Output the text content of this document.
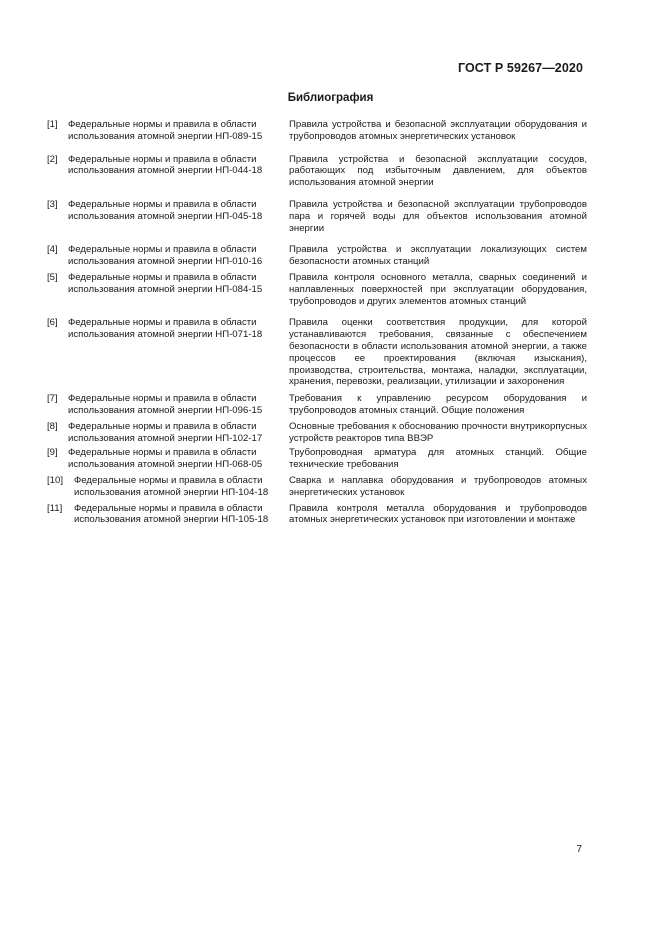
ГОСТ Р 59267—2020
Библиография
[1]	Федеральные нормы и правила в области
использования атомной энергии НП-089-15
Правила устройства и безопасной эксплуатации оборудования и трубопроводов атомных энергетических установок
[2]	Федеральные нормы и правила в области
использования атомной энергии НП-044-18
Правила устройства и безопасной эксплуатации сосудов, работающих под избыточным давлением, для объектов использования атомной энергии
[3]	Федеральные нормы и правила в области
использования атомной энергии НП-045-18
Правила устройства и безопасной эксплуатации трубопроводов пара и горячей воды для объектов использования атомной энергии
[4]	Федеральные нормы и правила в области
использования атомной энергии НП-010-16
Правила устройства и эксплуатации локализующих систем безопасности атомных станций
[5]	Федеральные нормы и правила в области
использования атомной энергии НП-084-15
Правила контроля основного металла, сварных соединений и наплавленных поверхностей при эксплуатации оборудования, трубопроводов и других элементов атомных станций
[6]	Федеральные нормы и правила в области
использования атомной энергии НП-071-18
Правила оценки соответствия продукции, для которой устанавливаются требования, связанные с обеспечением безопасности в области использования атомной энергии, а также процессов ее проектирования (включая изыскания), производства, строительства, монтажа, наладки, эксплуатации, хранения, перевозки, реализации, утилизации и захоронения
[7]	Федеральные нормы и правила в области
использования атомной энергии НП-096-15
Требования к управлению ресурсом оборудования и трубопроводов атомных станций. Общие положения
[8]	Федеральные нормы и правила в области
использования атомной энергии НП-102-17
Основные требования к обоснованию прочности внутрикорпусных устройств реакторов типа ВВЭР
[9]	Федеральные нормы и правила в области
использования атомной энергии НП-068-05
Трубопроводная арматура для атомных станций. Общие технические требования
[10]	Федеральные нормы и правила в области
использования атомной энергии НП-104-18
Сварка и наплавка оборудования и трубопроводов атомных энергетических установок
[11]	Федеральные нормы и правила в области
использования атомной энергии НП-105-18
Правила контроля металла оборудования и трубопроводов атомных энергетических установок при изготовлении и монтаже
7
